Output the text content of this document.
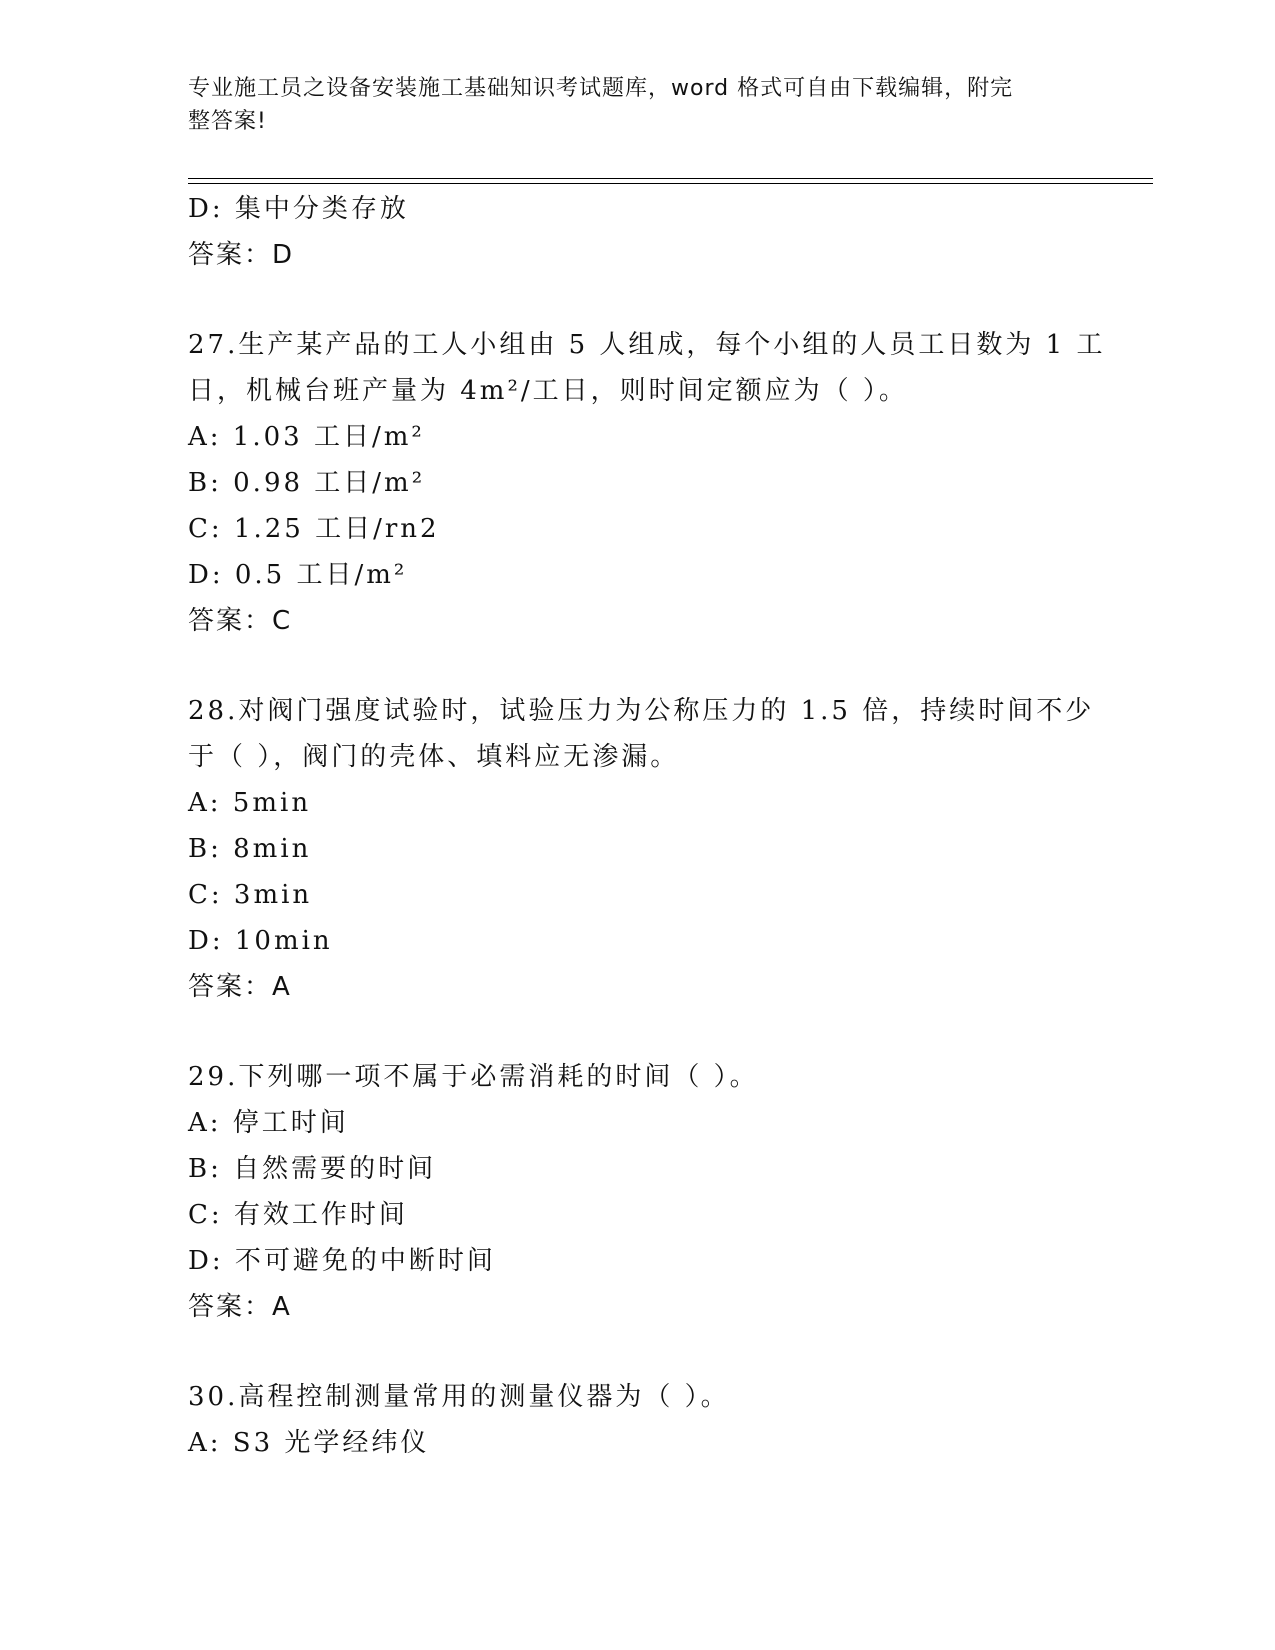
专业施工员之设备安装施工基础知识考试题库，word 格式可自由下载编辑，附完
整答案!
D: 集中分类存放
答案：D
27.生产某产品的工人小组由 5 人组成，每个小组的人员工日数为 1 工
日，机械台班产量为 4m²/工日，则时间定额应为（ ）。
A: 1.03 工日/m²
B: 0.98 工日/m²
C: 1.25 工日/rn2
D: 0.5 工日/m²
答案：C
28.对阀门强度试验时，试验压力为公称压力的 1.5 倍，持续时间不少
于（ ），阀门的壳体、填料应无渗漏。
A: 5min
B: 8min
C: 3min
D: 10min
答案：A
29.下列哪一项不属于必需消耗的时间（ ）。
A: 停工时间
B: 自然需要的时间
C: 有效工作时间
D: 不可避免的中断时间
答案：A
30.高程控制测量常用的测量仪器为（ ）。
A: S3 光学经纬仪
